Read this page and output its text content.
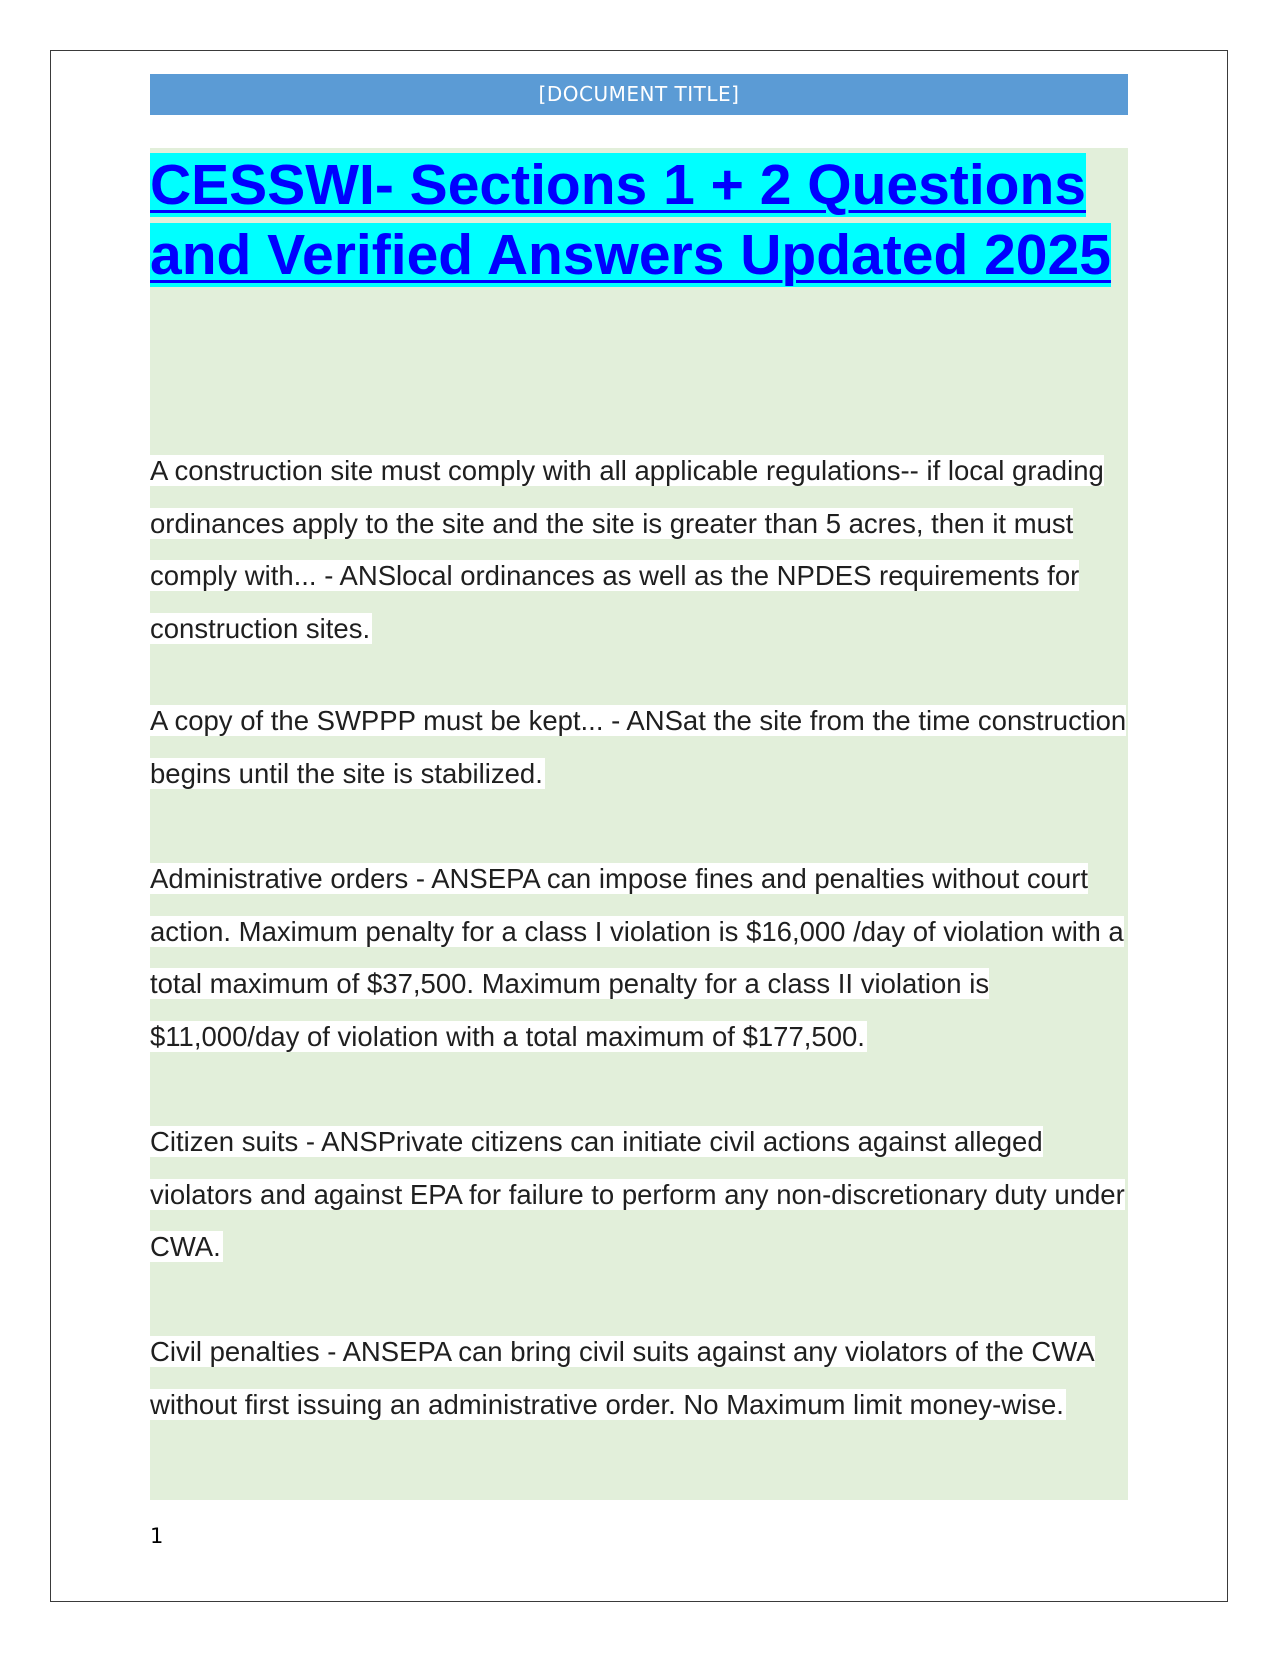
[DOCUMENT TITLE]
CESSWI- Sections 1 + 2 Questions and Verified Answers Updated 2025

A construction site must comply with all applicable regulations-- if local grading ordinances apply to the site and the site is greater than 5 acres, then it must comply with... - ANSlocal ordinances as well as the NPDES requirements for construction sites.

A copy of the SWPPP must be kept... - ANSat the site from the time construction begins until the site is stabilized.

Administrative orders - ANSEPA can impose fines and penalties without court action. Maximum penalty for a class I violation is $16,000 /day of violation with a total maximum of $37,500. Maximum penalty for a class II violation is $11,000/day of violation with a total maximum of $177,500.

Citizen suits - ANSPrivate citizens can initiate civil actions against alleged violators and against EPA for failure to perform any non-discretionary duty under CWA.

Civil penalties - ANSEPA can bring civil suits against any violators of the CWA without first issuing an administrative order. No Maximum limit money-wise.

1
